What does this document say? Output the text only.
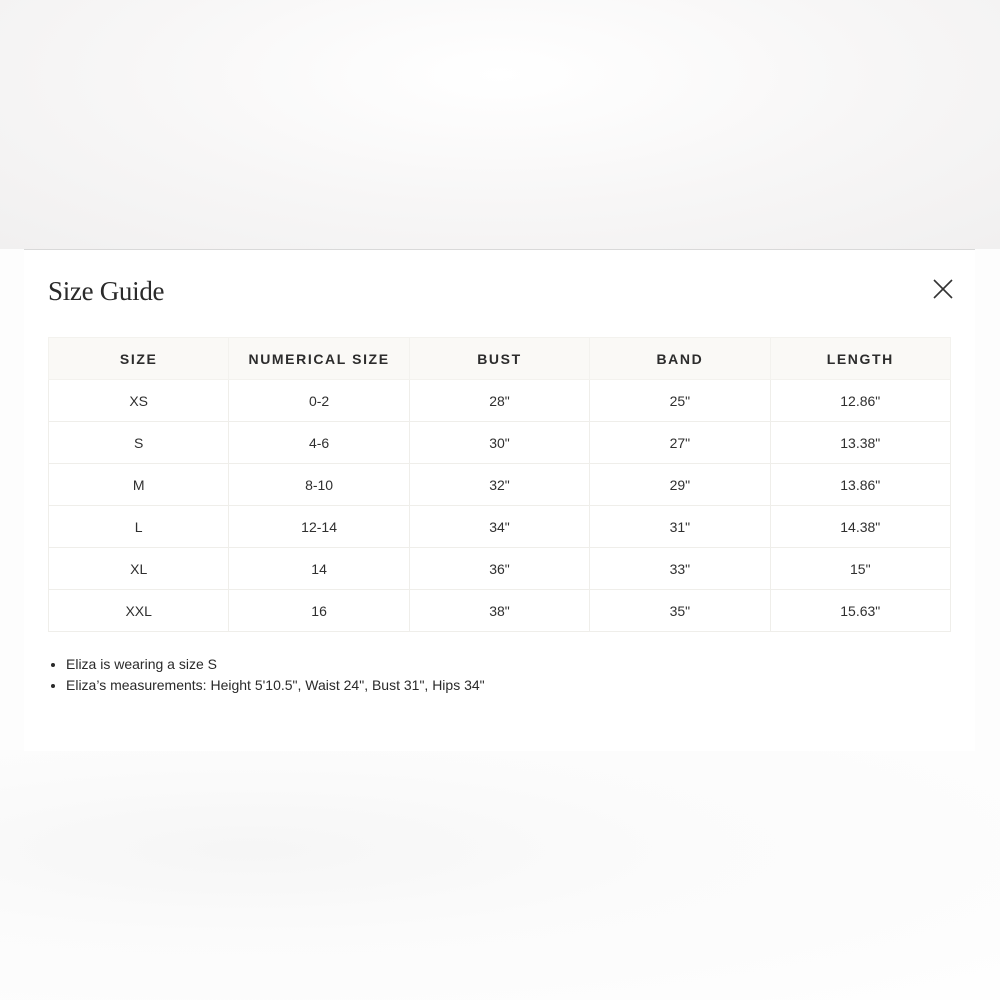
Size Guide
SIZE	NUMERICAL SIZE	BUST	BAND	LENGTH
XS	0-2	28"	25"	12.86"
S	4-6	30"	27"	13.38"
M	8-10	32"	29"	13.86"
L	12-14	34"	31"	14.38"
XL	14	36"	33"	15"
XXL	16	38"	35"	15.63"
• Eliza is wearing a size S
• Eliza’s measurements: Height 5'10.5", Waist 24", Bust 31", Hips 34"
